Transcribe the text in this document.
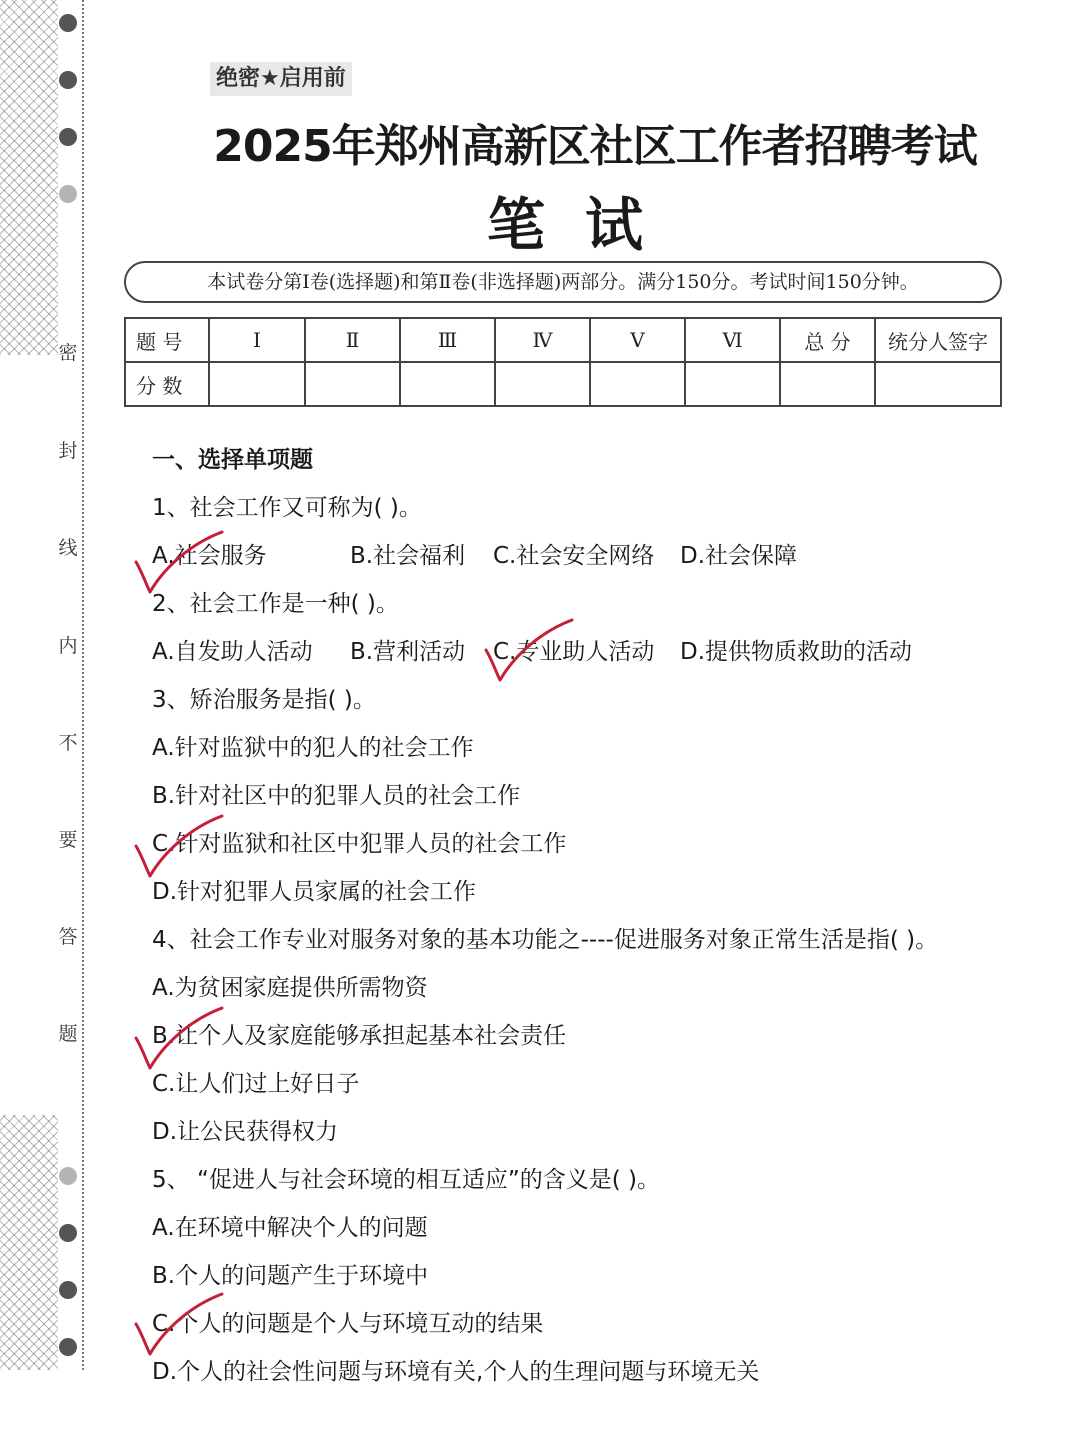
密
封
线
内
不
要
答
题
绝密★启用前
2025年郑州高新区社区工作者招聘考试
笔试
本试卷分第Ⅰ卷(选择题)和第Ⅱ卷(非选择题)两部分。满分150分。考试时间150分钟。
题 号	Ⅰ	Ⅱ	Ⅲ	Ⅳ	Ⅴ	Ⅵ	总 分	统分人签字
分 数								
一、选择单项题
1、社会工作又可称为( )。
A.社会服务	B.社会福利 C.社会安全网络 D.社会保障
2、社会工作是一种( )。
A.自发助人活动 B.营利活动 C.专业助人活动 D.提供物质救助的活动
3、矫治服务是指( )。
A.针对监狱中的犯人的社会工作
B.针对社区中的犯罪人员的社会工作
C.针对监狱和社区中犯罪人员的社会工作
D.针对犯罪人员家属的社会工作
4、社会工作专业对服务对象的基本功能之----促进服务对象正常生活是指( )。
A.为贫困家庭提供所需物资
B.让个人及家庭能够承担起基本社会责任
C.让人们过上好日子
D.让公民获得权力
5、 “促进人与社会环境的相互适应”的含义是( )。
A.在环境中解决个人的问题
B.个人的问题产生于环境中
C.个人的问题是个人与环境互动的结果
D.个人的社会性问题与环境有关,个人的生理问题与环境无关
